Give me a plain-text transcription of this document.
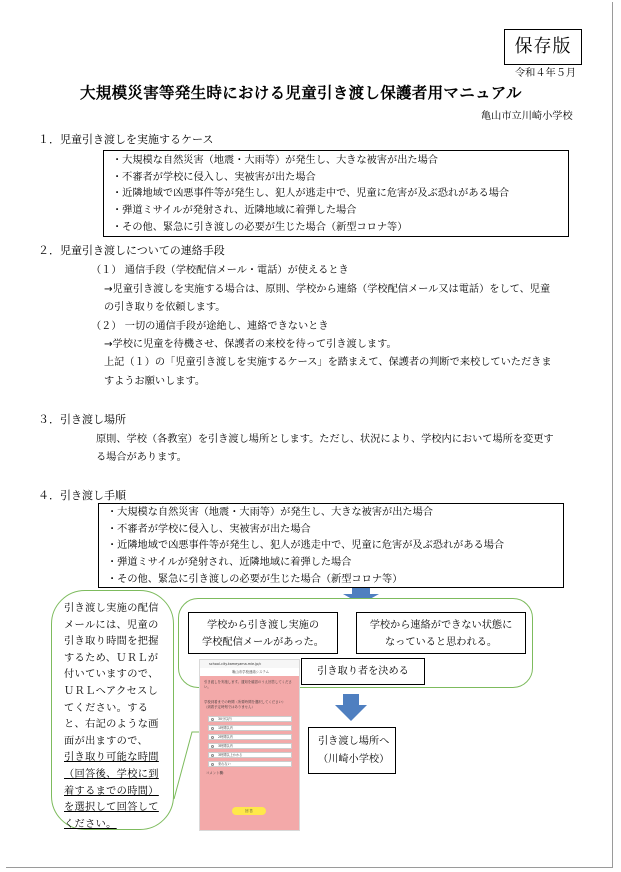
保存版
令和４年５月
大規模災害等発生時における児童引き渡し保護者用マニュアル
亀山市立川崎小学校
１．児童引き渡しを実施するケース
・大規模な自然災害（地震・大雨等）が発生し、大きな被害が出た場合
・不審者が学校に侵入し、実被害が出た場合
・近隣地域で凶悪事件等が発生し、犯人が逃走中で、児童に危害が及ぶ恐れがある場合
・弾道ミサイルが発射され、近隣地域に着弾した場合
・その他、緊急に引き渡しの必要が生じた場合（新型コロナ等）
２．児童引き渡しについての連絡手段
（１） 通信手段（学校配信メール・電話）が使えるとき
→児童引き渡しを実施する場合は、原則、学校から連絡（学校配信メール又は電話）をして、児童
の引き取りを依頼します。
（２） 一切の通信手段が途絶し、連絡できないとき
→学校に児童を待機させ、保護者の来校を待って引き渡します。
上記（１）の「児童引き渡しを実施するケース」を踏まえて、保護者の判断で来校していただきま
すようお願いします。
３．引き渡し場所
原則、学校（各教室）を引き渡し場所とします。ただし、状況により、学校内において場所を変更す
る場合があります。
４．引き渡し手順
・大規模な自然災害（地震・大雨等）が発生し、大きな被害が出た場合
・不審者が学校に侵入し、実被害が出た場合
・近隣地域で凶悪事件等が発生し、犯人が逃走中で、児童に危害が及ぶ恐れがある場合
・弾道ミサイルが発射され、近隣地域に着弾した場合
・その他、緊急に引き渡しの必要が生じた場合（新型コロナ等）
引き渡し実施の配信
メールには、児童の
引き取り時間を把握
するため、ＵＲＬが
付いていますので、
ＵＲＬへアクセスし
てください。する
と、右記のような画
面が出ますので、
引き取り可能な時間
（回答後、学校に到
着するまでの時間）
を選択して回答して
ください。
学校から引き渡し実施の
学校配信メールがあった。
学校から連絡ができない状態に
なっていると思われる。
引き取り者を決める
引き渡し場所へ
（川崎小学校）
school-city.kameyama.mie.jp/c
亀山市学校連絡システム
引き渡しを実施します。通知を確認のうえ回答してくださ
い。
学校到着までの時間（所要時間を選択してください）
（到着予定時刻ではありません）
30分以内
1時間以内
2時間以内
3時間以内
3時間以上かかる
来れない
コメント欄：
回 答
